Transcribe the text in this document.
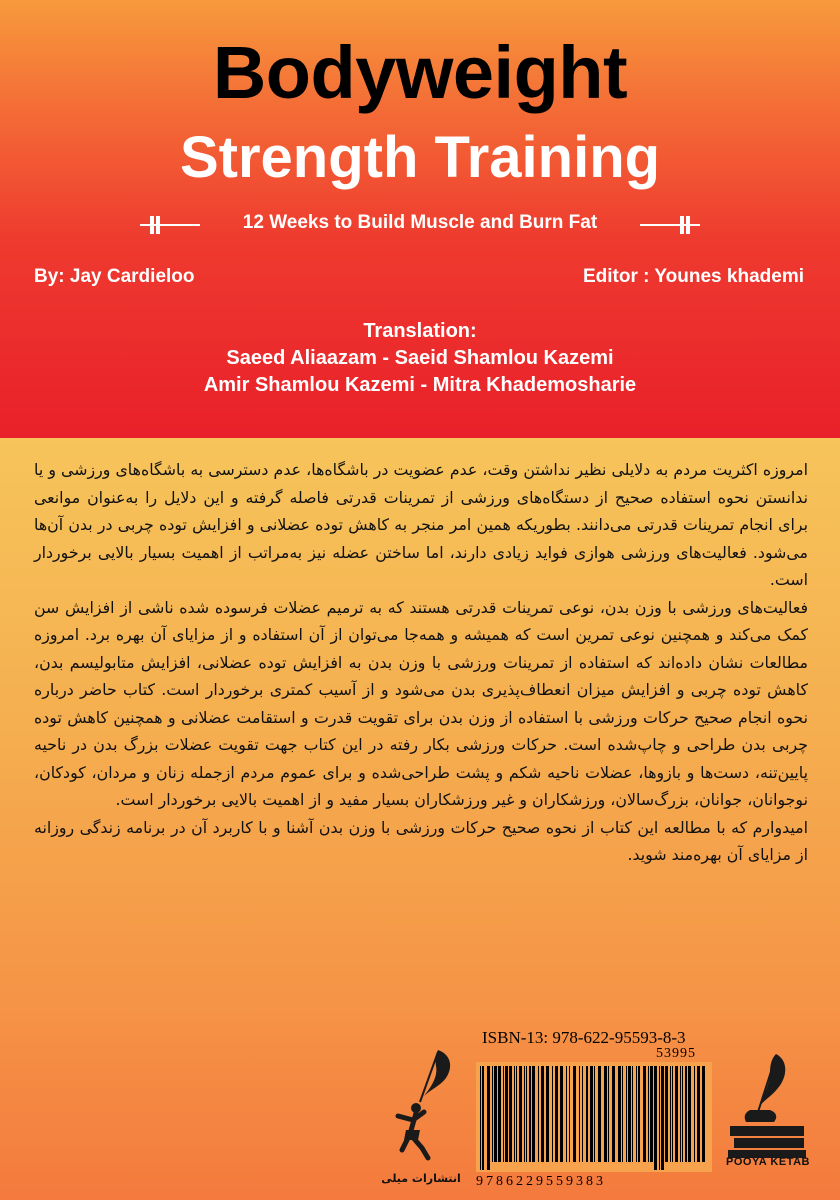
Bodyweight
Strength Training
12 Weeks to Build Muscle and Burn Fat
By: Jay Cardieloo	Editor : Younes khademi
Translation:
Saeed Aliaazam - Saeid Shamlou Kazemi
Amir Shamlou Kazemi - Mitra Khademosharie
امروزه اکثریت مردم به دلایلی نظیر نداشتن وقت، عدم عضویت در باشگاه‌ها، عدم دسترسی به باشگاه‌های ورزشی و یا ندانستن نحوه استفاده صحیح از دستگاه‌های ورزشی از تمرینات قدرتی فاصله گرفته و این دلایل را به‌عنوان موانعی برای انجام تمرینات قدرتی می‌دانند. بطوریکه همین امر منجر به کاهش توده عضلانی و افزایش توده چربی در بدن آن‌ها می‌شود. فعالیت‌های ورزشی هوازی فواید زیادی دارند، اما ساختن عضله نیز به‌مراتب از اهمیت بسیار بالایی برخوردار است.
فعالیت‌های ورزشی با وزن بدن، نوعی تمرینات قدرتی هستند که به ترمیم عضلات فرسوده شده ناشی از افزایش سن کمک می‌کند و همچنین نوعی تمرین است که همیشه و همه‌جا می‌توان از آن استفاده و از مزایای آن بهره برد. امروزه مطالعات نشان داده‌اند که استفاده از تمرینات ورزشی با وزن بدن به افزایش توده عضلانی، افزایش متابولیسم بدن، کاهش توده چربی و افزایش میزان انعطاف‌پذیری بدن می‌شود و از آسیب کمتری برخوردار است. کتاب حاضر درباره نحوه انجام صحیح حرکات ورزشی با استفاده از وزن بدن برای تقویت قدرت و استقامت عضلانی و همچنین کاهش توده چربی بدن طراحی و چاپ‌شده است. حرکات ورزشی بکار رفته در این کتاب جهت تقویت عضلات بزرگ بدن در ناحیه پایین‌تنه، دست‌ها و بازوها، عضلات ناحیه شکم و پشت طراحی‌شده و برای عموم مردم ازجمله زنان و مردان، کودکان، نوجوانان، جوانان، بزرگ‌سالان، ورزشکاران و غیر ورزشکاران بسیار مفید و از اهمیت بالایی برخوردار است.
امیدوارم که با مطالعه این کتاب از نحوه صحیح حرکات ورزشی با وزن بدن آشنا و با کاربرد آن در برنامه زندگی روزانه از مزایای آن بهره‌مند شوید.
انتشارات میلی
ISBN-13: 978-622-95593-8-3
53995
9786229559383
POOYA KETAB
